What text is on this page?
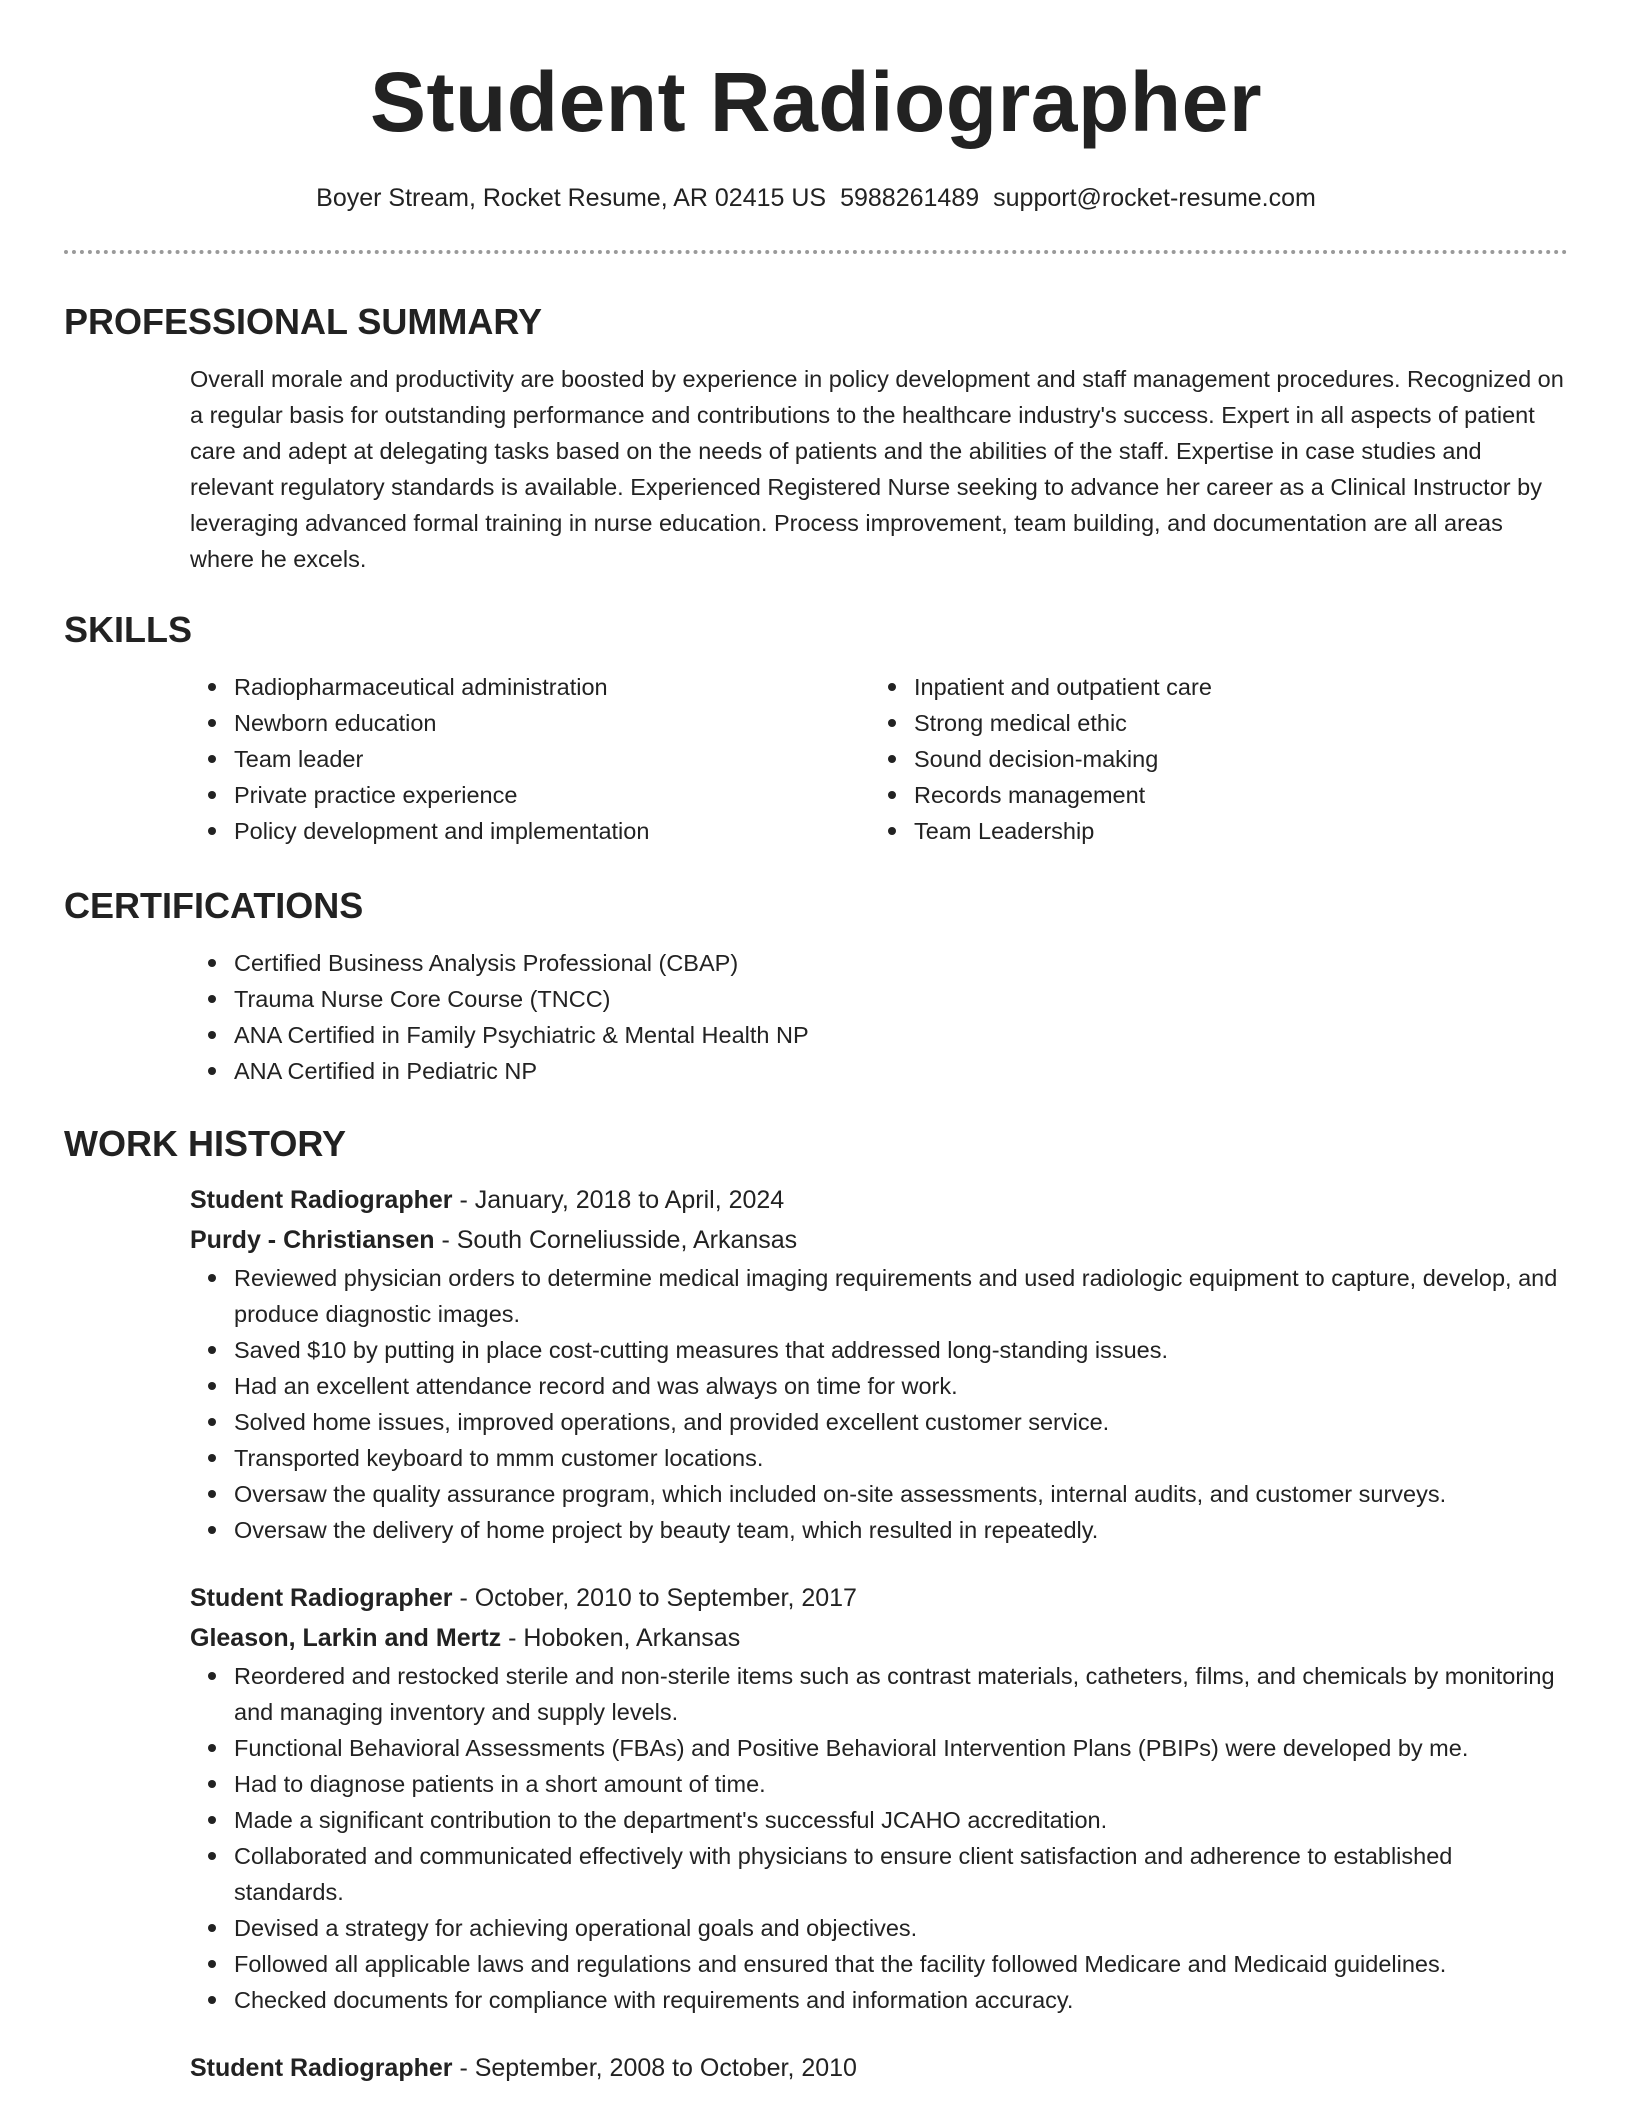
Student Radiographer
Boyer Stream, Rocket Resume, AR 02415 US 5988261489 support@rocket-resume.com
PROFESSIONAL SUMMARY
Overall morale and productivity are boosted by experience in policy development and staff management procedures. Recognized on a regular basis for outstanding performance and contributions to the healthcare industry's success. Expert in all aspects of patient care and adept at delegating tasks based on the needs of patients and the abilities of the staff. Expertise in case studies and relevant regulatory standards is available. Experienced Registered Nurse seeking to advance her career as a Clinical Instructor by leveraging advanced formal training in nurse education. Process improvement, team building, and documentation are all areas where he excels.
SKILLS
Radiopharmaceutical administration
Newborn education
Team leader
Private practice experience
Policy development and implementation
Inpatient and outpatient care
Strong medical ethic
Sound decision-making
Records management
Team Leadership
CERTIFICATIONS
Certified Business Analysis Professional (CBAP)
Trauma Nurse Core Course (TNCC)
ANA Certified in Family Psychiatric & Mental Health NP
ANA Certified in Pediatric NP
WORK HISTORY
Student Radiographer - January, 2018 to April, 2024
Purdy - Christiansen - South Corneliusside, Arkansas
Reviewed physician orders to determine medical imaging requirements and used radiologic equipment to capture, develop, and produce diagnostic images.
Saved $10 by putting in place cost-cutting measures that addressed long-standing issues.
Had an excellent attendance record and was always on time for work.
Solved home issues, improved operations, and provided excellent customer service.
Transported keyboard to mmm customer locations.
Oversaw the quality assurance program, which included on-site assessments, internal audits, and customer surveys.
Oversaw the delivery of home project by beauty team, which resulted in repeatedly.
Student Radiographer - October, 2010 to September, 2017
Gleason, Larkin and Mertz - Hoboken, Arkansas
Reordered and restocked sterile and non-sterile items such as contrast materials, catheters, films, and chemicals by monitoring and managing inventory and supply levels.
Functional Behavioral Assessments (FBAs) and Positive Behavioral Intervention Plans (PBIPs) were developed by me.
Had to diagnose patients in a short amount of time.
Made a significant contribution to the department's successful JCAHO accreditation.
Collaborated and communicated effectively with physicians to ensure client satisfaction and adherence to established standards.
Devised a strategy for achieving operational goals and objectives.
Followed all applicable laws and regulations and ensured that the facility followed Medicare and Medicaid guidelines.
Checked documents for compliance with requirements and information accuracy.
Student Radiographer - September, 2008 to October, 2010
